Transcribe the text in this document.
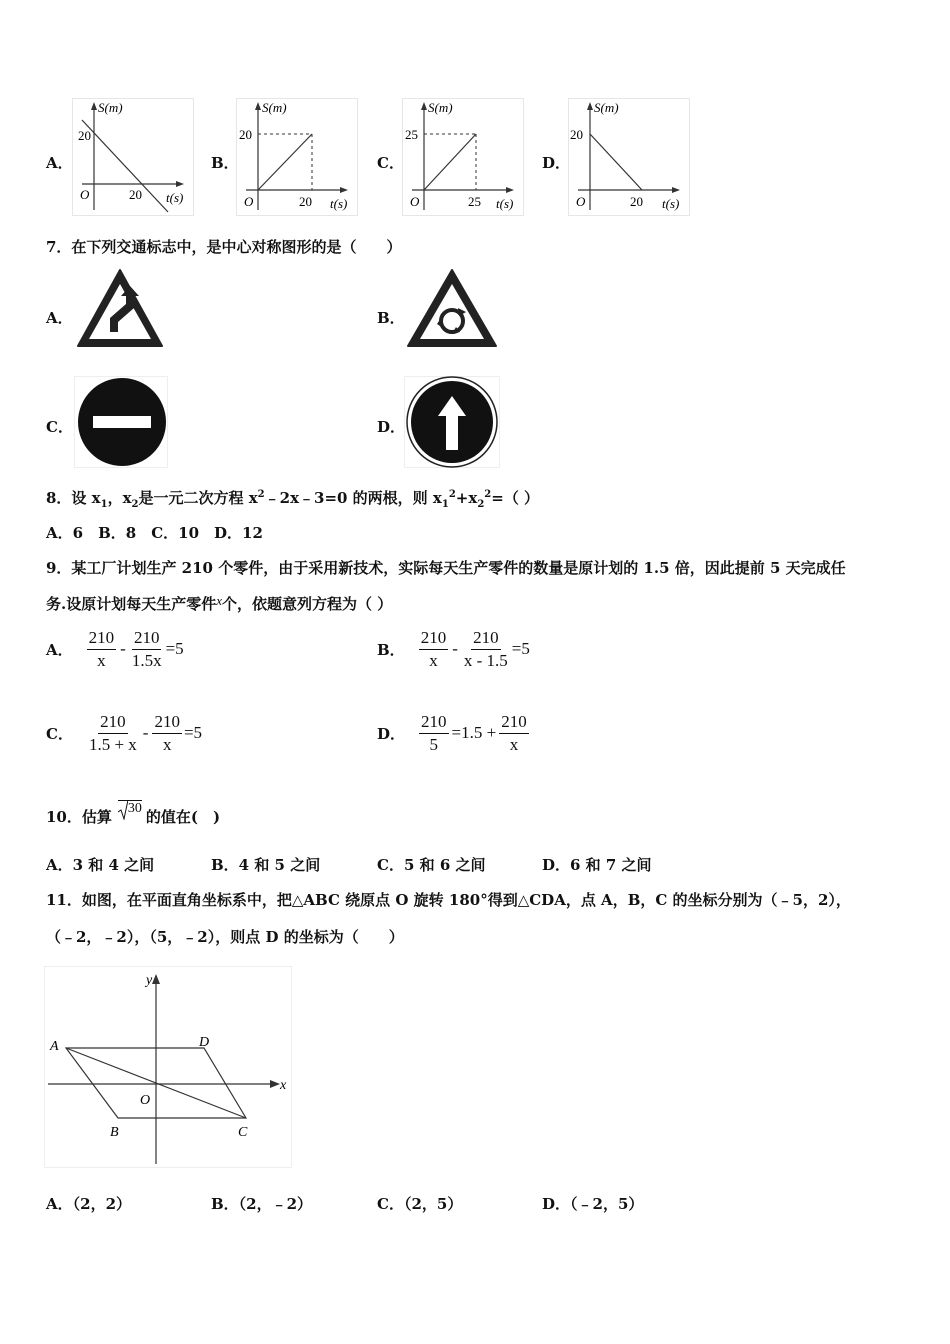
A．
S(m)
20
O	20 t(s)
B．
S(m)
20
O	20 t(s)
C．
S(m)
25
O	25 t(s)
D．
S(m)
20
O	20 t(s)
7．在下列交通标志中，是中心对称图形的是（　　）
A．	B．
C．	D．
8．设 $x_1$，$x_2$是一元二次方程 $x^2﹣2x﹣3=0$ 的两根，则 $x_1^2+x_2^2=$（ ）
A．6　B．8　C．10　D．12
9．某工厂计划生产 210 个零件，由于采用新技术，实际每天生产零件的数量是原计划的 1.5 倍，因此提前 5 天完成任
务.设原计划每天生产零件x个，依题意列方程为（ ）
A． $\frac{210}{x} - \frac{210}{1.5x} =5$	B． $\frac{210}{x} - \frac{210}{x - 1.5} =5$
C． $\frac{210}{1.5 + x} - \frac{210}{x} =5$	D． $\frac{210}{5} =1.5 + \frac{210}{x}$
10．估算	30 的值在(　)
A．3 和 4 之间	B．4 和 5 之间	C．5 和 6 之间	D．6 和 7 之间
11．如图，在平面直角坐标系中，把△ABC 绕原点 O 旋转 180°得到△CDA，点 A，B，C 的坐标分别为（﹣5，2），
（﹣2，﹣2），（5，﹣2），则点 D 的坐标为（　　）
A	D
B	C
O
x
y
A．（2，2）	B．（2，﹣2）	C．（2，5）	D．（﹣2，5）
